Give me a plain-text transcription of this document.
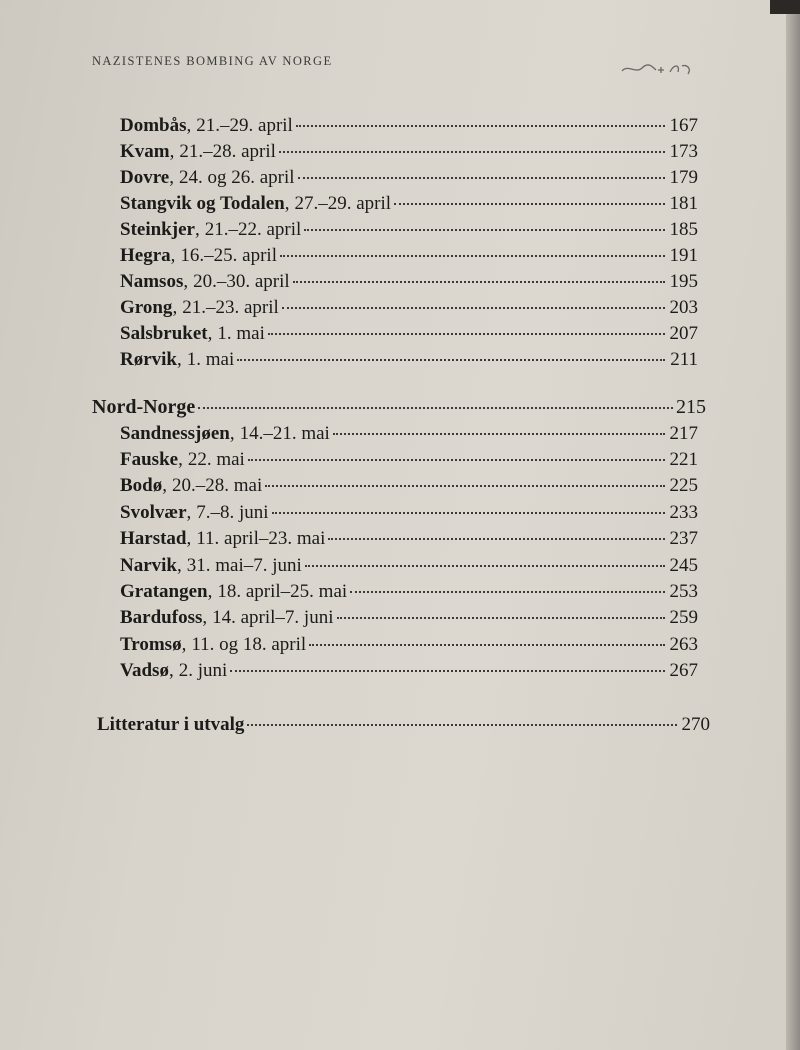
NAZISTENES BOMBING AV NORGE
Dombås , 21.–29. april	167
Kvam , 21.–28. april	173
Dovre , 24. og 26. april	179
Stangvik og Todalen , 27.–29. april	181
Steinkjer , 21.–22. april	185
Hegra , 16.–25. april	191
Namsos , 20.–30. april	195
Grong , 21.–23. april	203
Salsbruket , 1. mai	207
Rørvik , 1. mai	211
Nord-Norge	215
Sandnessjøen , 14.–21. mai	217
Fauske , 22. mai	221
Bodø , 20.–28. mai	225
Svolvær , 7.–8. juni	233
Harstad , 11. april–23. mai	237
Narvik , 31. mai–7. juni	245
Gratangen , 18. april–25. mai	253
Bardufoss , 14. april–7. juni	259
Tromsø , 11. og 18. april	263
Vadsø , 2. juni	267
Litteratur i utvalg	270
